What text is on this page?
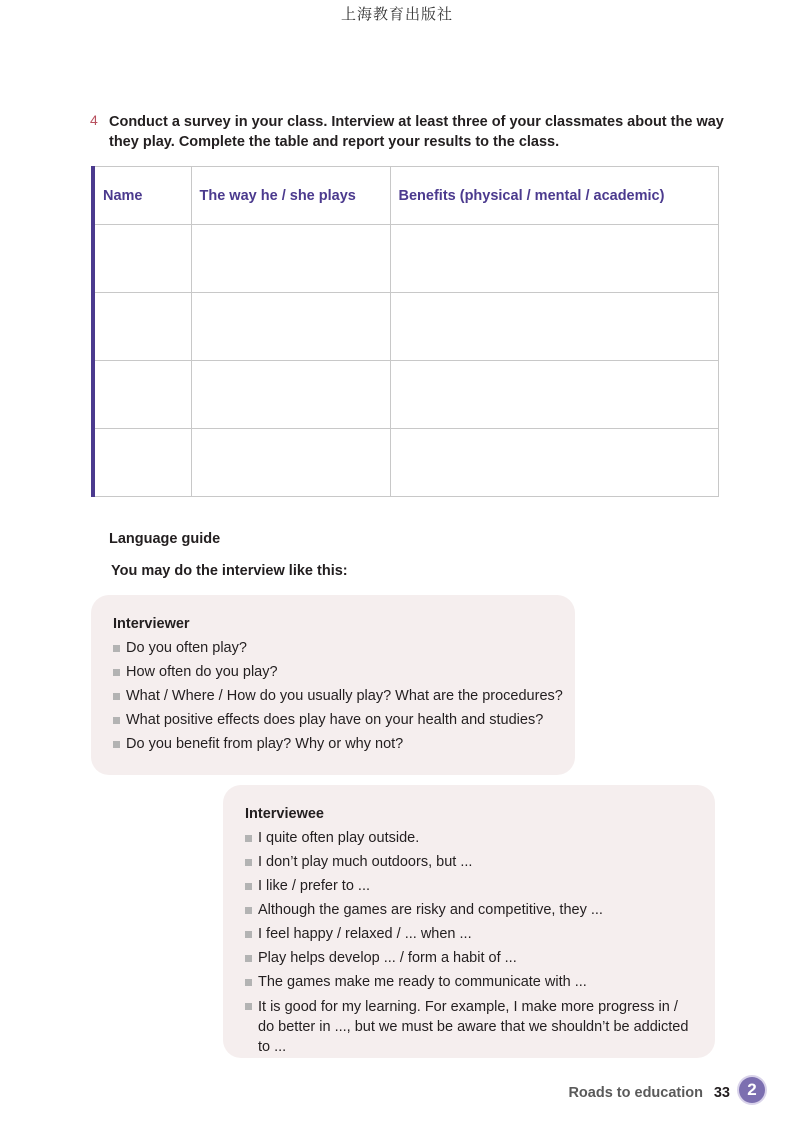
上海教育出版社
4 Conduct a survey in your class. Interview at least three of your classmates about the way they play. Complete the table and report your results to the class.

Name	The way he / she plays	Benefits (physical / mental / academic)

Language guide
You may do the interview like this:
Interviewer
Do you often play?
How often do you play?
What / Where / How do you usually play? What are the procedures?
What positive effects does play have on your health and studies?
Do you benefit from play? Why or why not?
Interviewee
I quite often play outside.
I don’t play much outdoors, but ...
I like / prefer to ...
Although the games are risky and competitive, they ...
I feel happy / relaxed / ... when ...
Play helps develop ... / form a habit of ...
The games make me ready to communicate with ...
It is good for my learning. For example, I make more progress in / do better in ..., but we must be aware that we shouldn’t be addicted to ...
Roads to education 33	2
